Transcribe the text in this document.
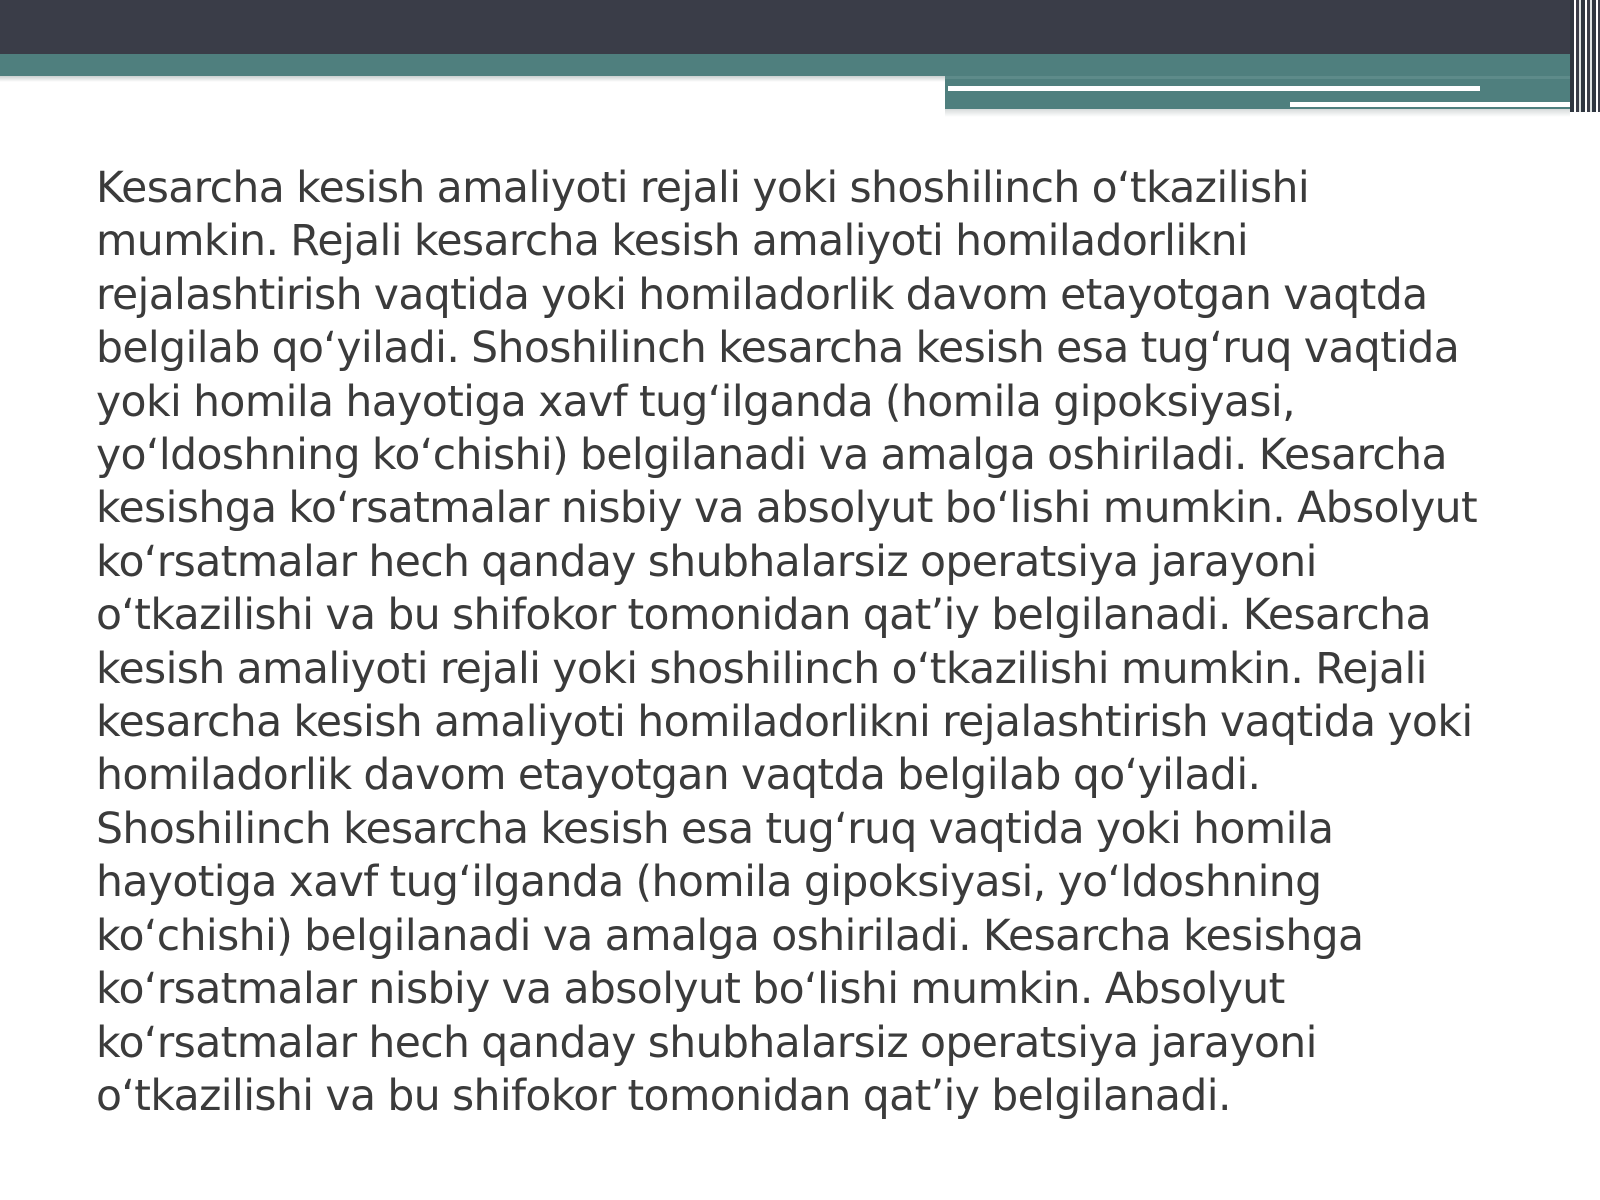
Kesarcha kesish amaliyoti rejali yoki shoshilinch o‘tkazilishi
mumkin. Rejali kesarcha kesish amaliyoti homiladorlikni
rejalashtirish vaqtida yoki homiladorlik davom etayotgan vaqtda
belgilab qo‘yiladi. Shoshilinch kesarcha kesish esa tug‘ruq vaqtida
yoki homila hayotiga xavf tug‘ilganda (homila gipoksiyasi,
yo‘ldoshning ko‘chishi) belgilanadi va amalga oshiriladi. Kesarcha
kesishga ko‘rsatmalar nisbiy va absolyut bo‘lishi mumkin. Absolyut
ko‘rsatmalar hech qanday shubhalarsiz operatsiya jarayoni
o‘tkazilishi va bu shifokor tomonidan qat’iy belgilanadi. Kesarcha
kesish amaliyoti rejali yoki shoshilinch o‘tkazilishi mumkin. Rejali
kesarcha kesish amaliyoti homiladorlikni rejalashtirish vaqtida yoki
homiladorlik davom etayotgan vaqtda belgilab qo‘yiladi.
Shoshilinch kesarcha kesish esa tug‘ruq vaqtida yoki homila
hayotiga xavf tug‘ilganda (homila gipoksiyasi, yo‘ldoshning
ko‘chishi) belgilanadi va amalga oshiriladi. Kesarcha kesishga
ko‘rsatmalar nisbiy va absolyut bo‘lishi mumkin. Absolyut
ko‘rsatmalar hech qanday shubhalarsiz operatsiya jarayoni
o‘tkazilishi va bu shifokor tomonidan qat’iy belgilanadi.
